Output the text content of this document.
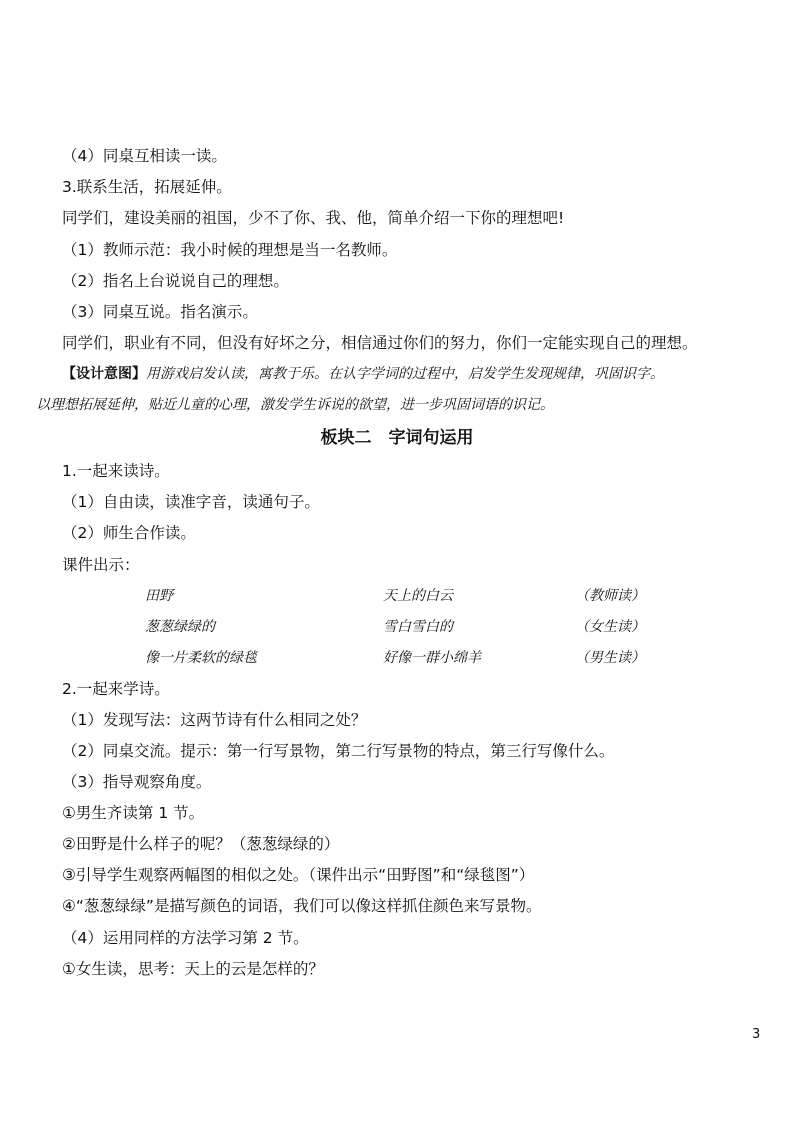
（4）同桌互相读一读。
3.联系生活，拓展延伸。
同学们，建设美丽的祖国，少不了你、我、他，简单介绍一下你的理想吧!
（1）教师示范：我小时候的理想是当一名教师。
（2）指名上台说说自己的理想。
（3）同桌互说。指名演示。
同学们，职业有不同，但没有好坏之分，相信通过你们的努力，你们一定能实现自己的理想。
【设计意图】用游戏启发认读，寓教于乐。在认字学词的过程中，启发学生发现规律，巩固识字。
以理想拓展延伸，贴近儿童的心理，激发学生诉说的欲望，进一步巩固词语的识记。
板块二　字词句运用
1.一起来读诗。
（1）自由读，读准字音，读通句子。
（2）师生合作读。
课件出示：
田野	天上的白云	（教师读）
葱葱绿绿的	雪白雪白的	（女生读）
像一片柔软的绿毯	好像一群小绵羊	（男生读）
2.一起来学诗。
（1）发现写法：这两节诗有什么相同之处？
（2）同桌交流。提示：第一行写景物，第二行写景物的特点，第三行写像什么。
（3）指导观察角度。
①男生齐读第 1 节。
②田野是什么样子的呢？（葱葱绿绿的）
③引导学生观察两幅图的相似之处。（课件出示“田野图”和“绿毯图”）
④“葱葱绿绿”是描写颜色的词语，我们可以像这样抓住颜色来写景物。
（4）运用同样的方法学习第 2 节。
①女生读，思考：天上的云是怎样的？
3
